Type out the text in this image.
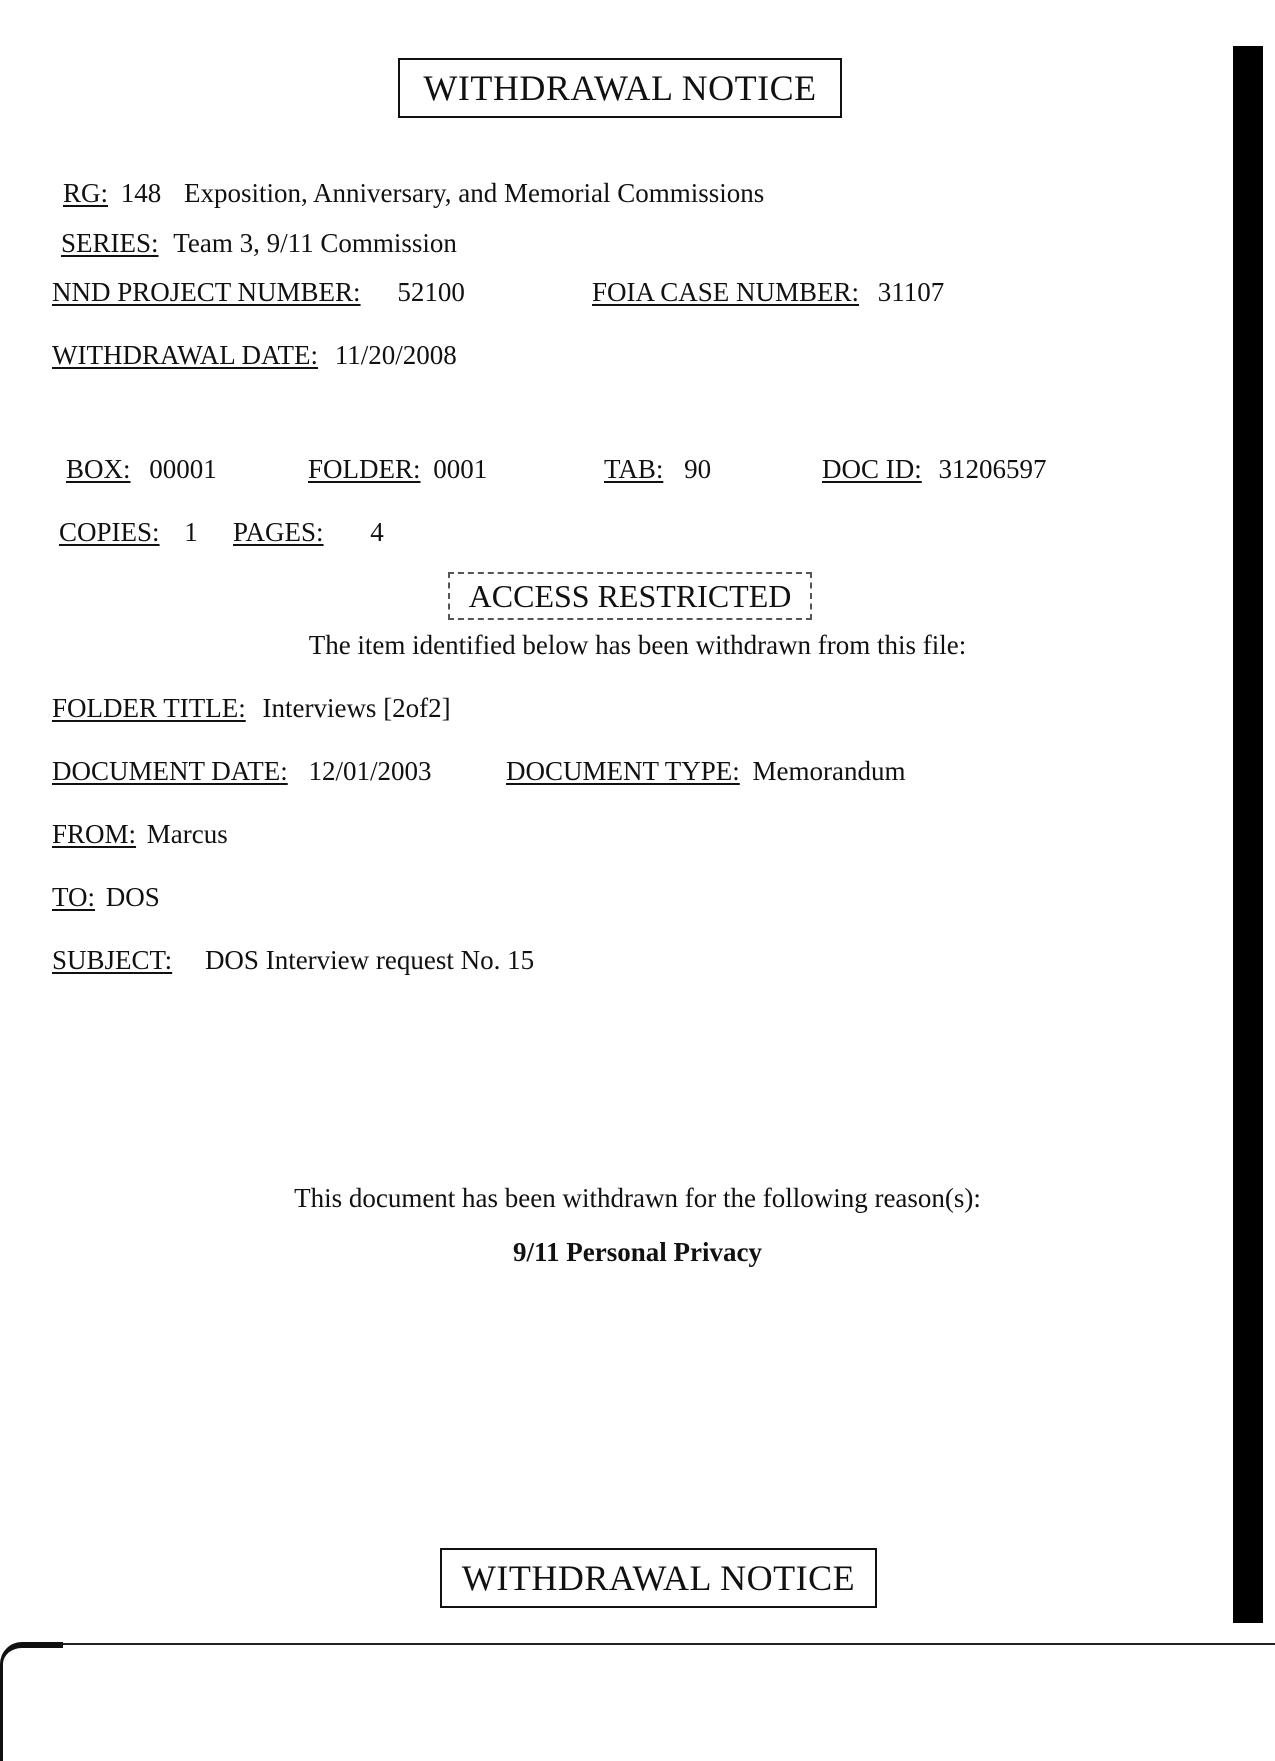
WITHDRAWAL NOTICE
RG: 148 Exposition, Anniversary, and Memorial Commissions
SERIES: Team 3, 9/11 Commission
NND PROJECT NUMBER: 52100	FOIA CASE NUMBER: 31107
WITHDRAWAL DATE: 11/20/2008
BOX: 00001	FOLDER: 0001	TAB: 90	DOC ID: 31206597
COPIES: 1 PAGES: 4
ACCESS RESTRICTED
The item identified below has been withdrawn from this file:
FOLDER TITLE: Interviews [2of2]
DOCUMENT DATE: 12/01/2003	DOCUMENT TYPE: Memorandum
FROM: Marcus
TO: DOS
SUBJECT: DOS Interview request No. 15
This document has been withdrawn for the following reason(s):
9/11 Personal Privacy
WITHDRAWAL NOTICE
